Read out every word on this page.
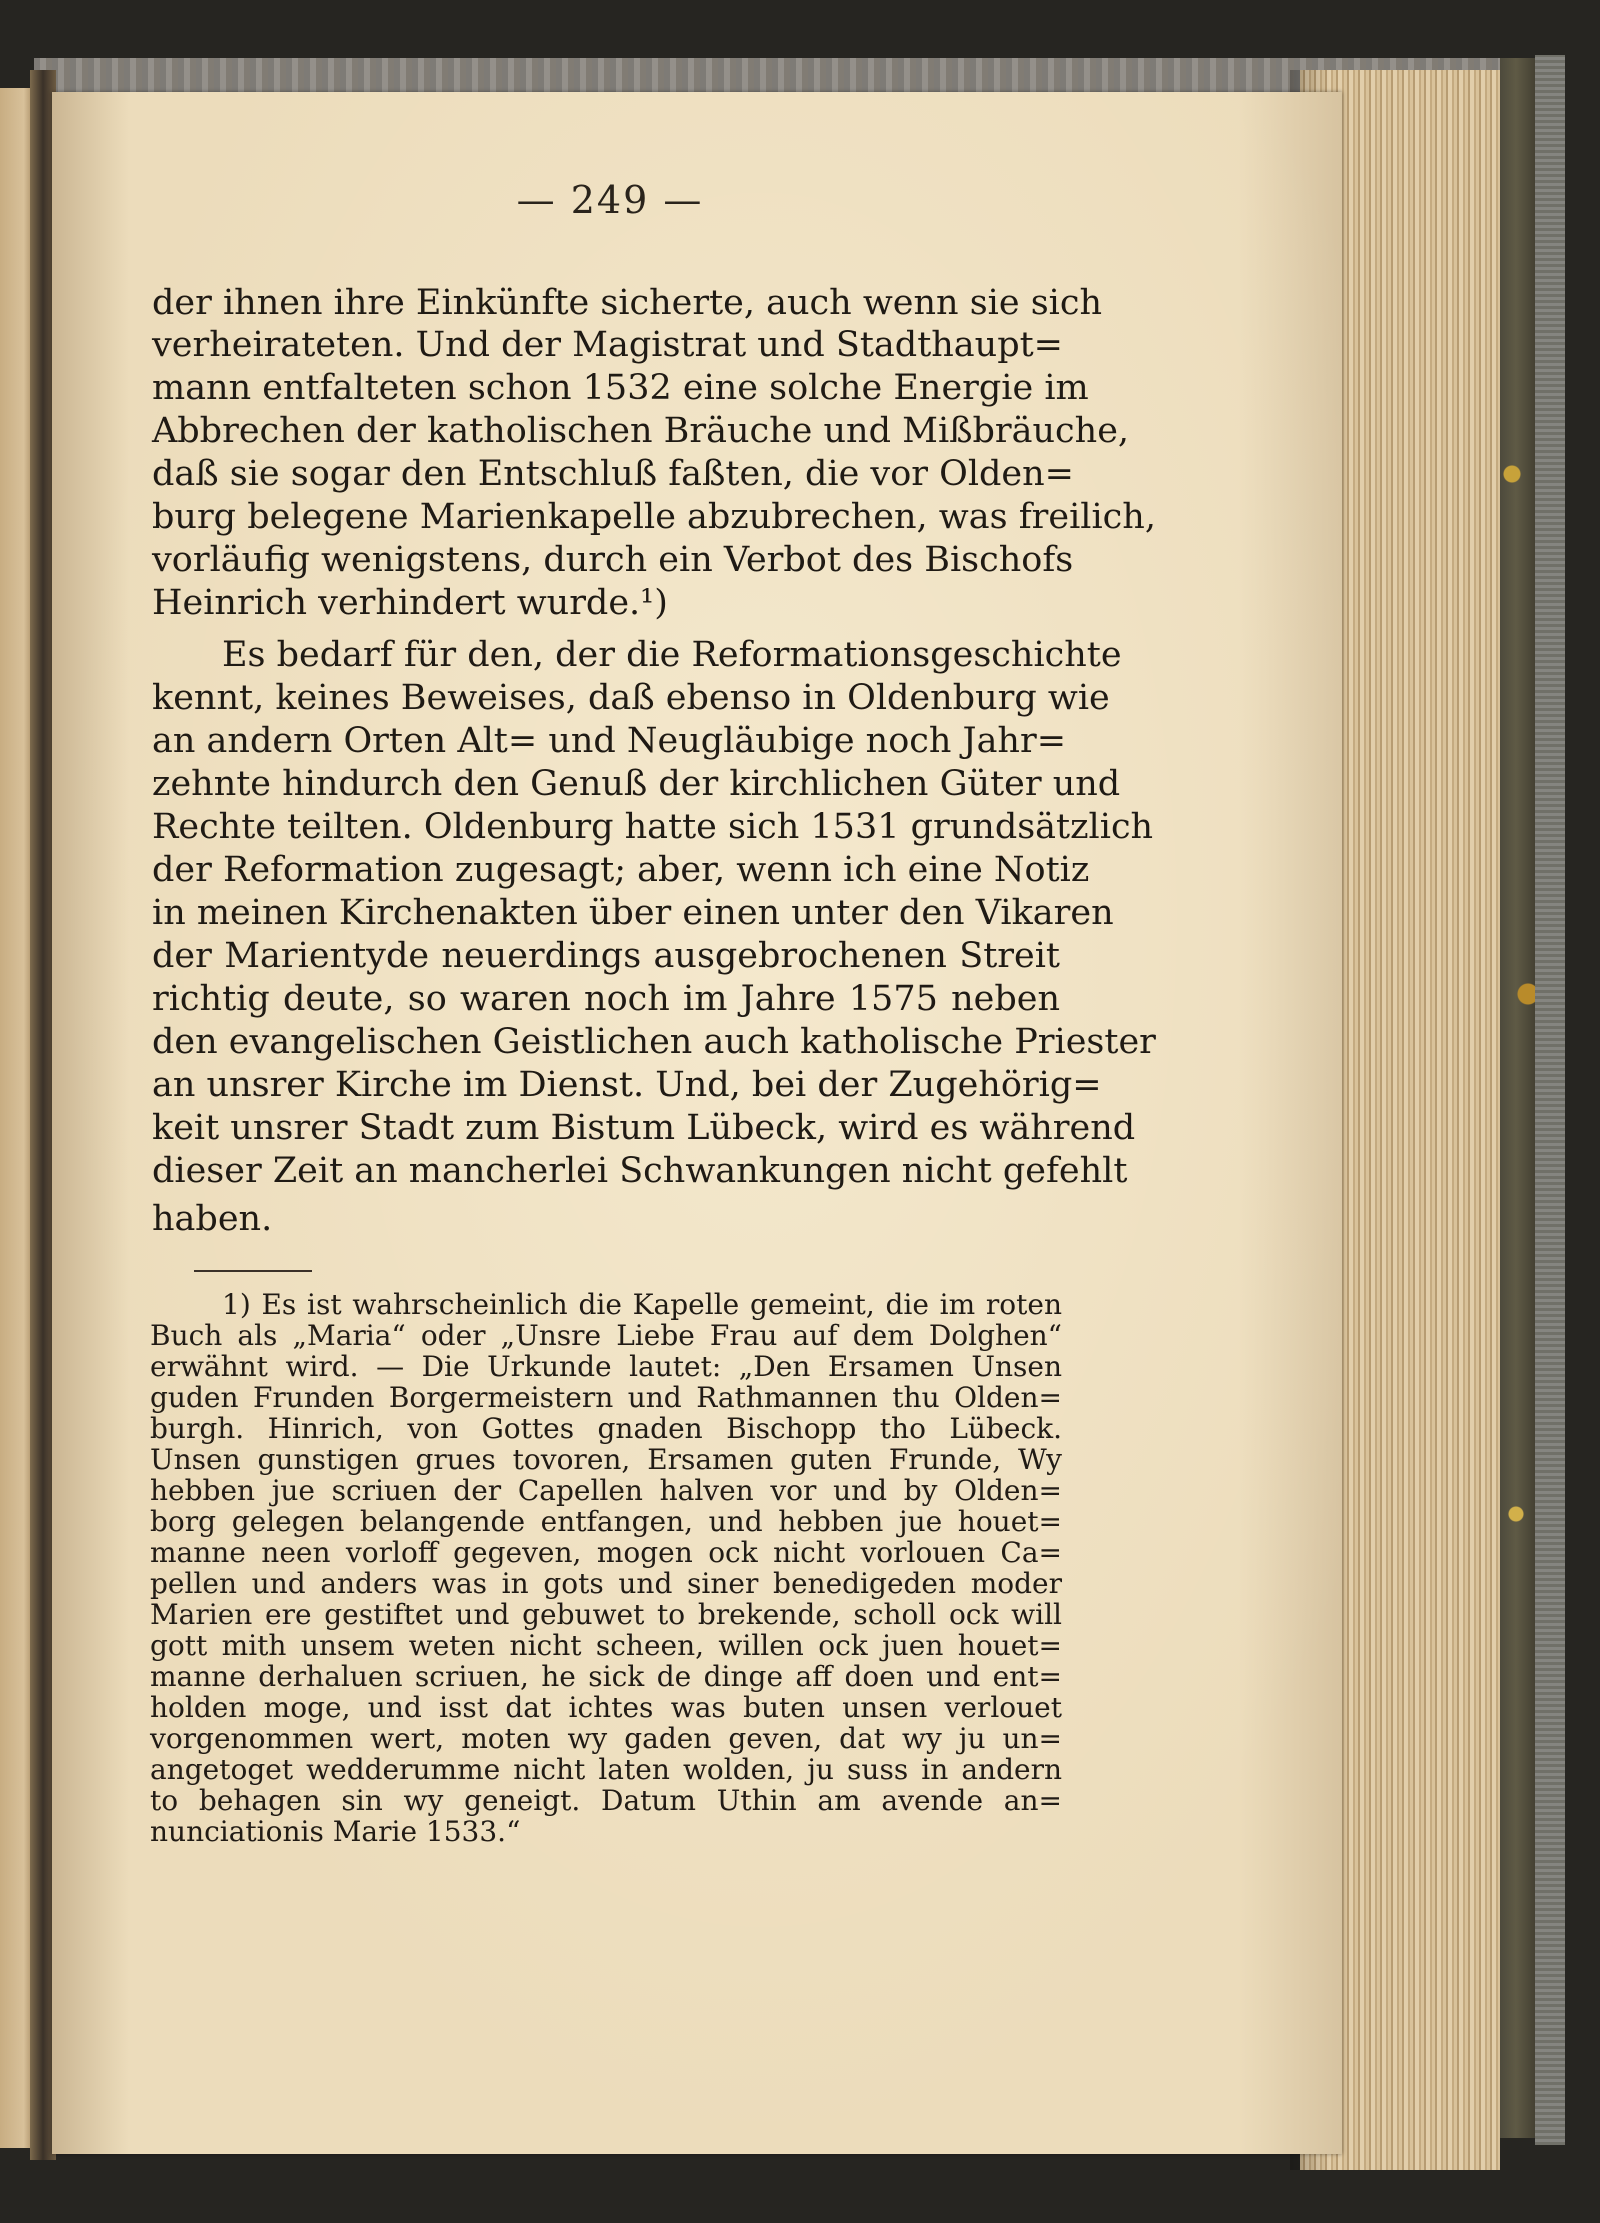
— 249 —
der ihnen ihre Einkünfte sicherte, auch wenn sie sich
verheirateten. Und der Magistrat und Stadthaupt=
mann entfalteten schon 1532 eine solche Energie im
Abbrechen der katholischen Bräuche und Mißbräuche,
daß sie sogar den Entschluß faßten, die vor Olden=
burg belegene Marienkapelle abzubrechen, was freilich,
vorläufig wenigstens, durch ein Verbot des Bischofs
Heinrich verhindert wurde.¹)
Es bedarf für den, der die Reformationsgeschichte
kennt, keines Beweises, daß ebenso in Oldenburg wie
an andern Orten Alt= und Neugläubige noch Jahr=
zehnte hindurch den Genuß der kirchlichen Güter und
Rechte teilten. Oldenburg hatte sich 1531 grundsätzlich
der Reformation zugesagt; aber, wenn ich eine Notiz
in meinen Kirchenakten über einen unter den Vikaren
der Marientyde neuerdings ausgebrochenen Streit
richtig deute, so waren noch im Jahre 1575 neben
den evangelischen Geistlichen auch katholische Priester
an unsrer Kirche im Dienst. Und, bei der Zugehörig=
keit unsrer Stadt zum Bistum Lübeck, wird es während
dieser Zeit an mancherlei Schwankungen nicht gefehlt
haben.
1) Es ist wahrscheinlich die Kapelle gemeint, die im roten
Buch als „Maria“ oder „Unsre Liebe Frau auf dem Dolghen“
erwähnt wird. — Die Urkunde lautet: „Den Ersamen Unsen
guden Frunden Borgermeistern und Rathmannen thu Olden=
burgh. Hinrich, von Gottes gnaden Bischopp tho Lübeck.
Unsen gunstigen grues tovoren, Ersamen guten Frunde, Wy
hebben jue scriuen der Capellen halven vor und by Olden=
borg gelegen belangende entfangen, und hebben jue houet=
manne neen vorloff gegeven, mogen ock nicht vorlouen Ca=
pellen und anders was in gots und siner benedigeden moder
Marien ere gestiftet und gebuwet to brekende, scholl ock will
gott mith unsem weten nicht scheen, willen ock juen houet=
manne derhaluen scriuen, he sick de dinge aff doen und ent=
holden moge, und isst dat ichtes was buten unsen verlouet
vorgenommen wert, moten wy gaden geven, dat wy ju un=
angetoget wedderumme nicht laten wolden, ju suss in andern
to behagen sin wy geneigt. Datum Uthin am avende an=
nunciationis Marie 1533.“
